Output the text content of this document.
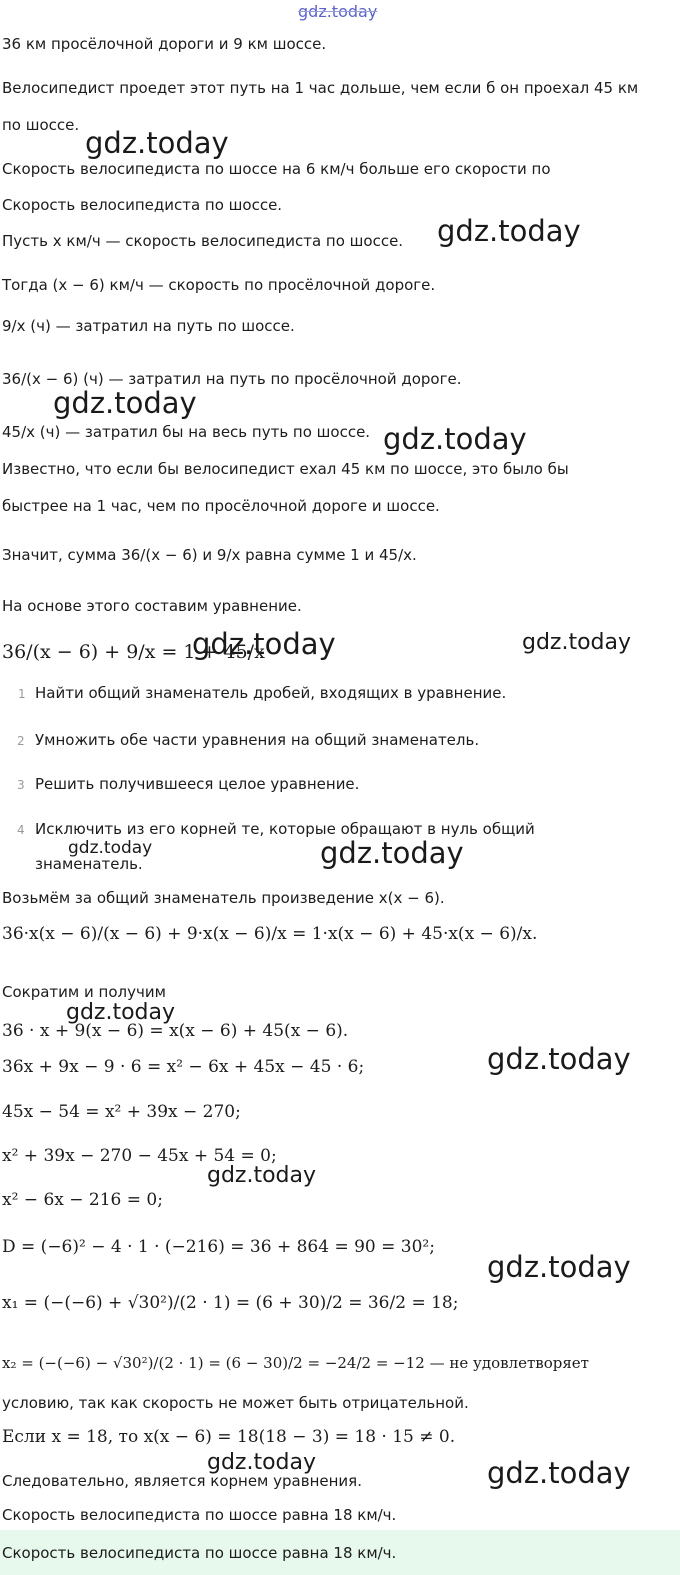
gdz.today
gdz.today
gdz.today
gdz.today
gdz.today
gdz.today	gdz.today
gdz.today	gdz.today
gdz.today
gdz.today
gdz.today
gdz.today
gdz.today	gdz.today
36 км просёлочной дороги и 9 км шоссе.
Велосипедист проедет этот путь на 1 час дольше, чем если б он проехал 45 км
по шоссе.
Скорость велосипедиста по шоссе на 6 км/ч больше его скорости по
Скорость велосипедиста по шоссе.
Пусть x км/ч — скорость велосипедиста по шоссе.
Тогда (x − 6) км/ч — скорость по просёлочной дороге.
9/x (ч) — затратил на путь по шоссе.
36/(x − 6) (ч) — затратил на путь по просёлочной дороге.
45/x (ч) — затратил бы на весь путь по шоссе.
Известно, что если бы велосипедист ехал 45 км по шоссе, это было бы
быстрее на 1 час, чем по просёлочной дороге и шоссе.
Значит, сумма 36/(x − 6) и 9/x равна сумме 1 и 45/x.
На основе этого составим уравнение.
36/(x − 6) + 9/x = 1 + 45/x
1 Найти общий знаменатель дробей, входящих в уравнение.
2 Умножить обе части уравнения на общий знаменатель.
3 Решить получившееся целое уравнение.
4 Исключить из его корней те, которые обращают в нуль общий
знаменатель.
Возьмём за общий знаменатель произведение x(x − 6).
36·x(x − 6)/(x − 6) + 9·x(x − 6)/x = 1·x(x − 6) + 45·x(x − 6)/x.
Сократим и получим
36 · x + 9(x − 6) = x(x − 6) + 45(x − 6).
36x + 9x − 9 · 6 = x² − 6x + 45x − 45 · 6;
45x − 54 = x² + 39x − 270;
x² + 39x − 270 − 45x + 54 = 0;
x² − 6x − 216 = 0;
D = (−6)² − 4 · 1 · (−216) = 36 + 864 = 90 = 30²;
x₁ = (−(−6) + √30²)/(2 · 1) = (6 + 30)/2 = 36/2 = 18;
x₂ = (−(−6) − √30²)/(2 · 1) = (6 − 30)/2 = −24/2 = −12 — не удовлетворяет
условию, так как скорость не может быть отрицательной.
Если x = 18, то x(x − 6) = 18(18 − 3) = 18 · 15 ≠ 0.
Следовательно, является корнем уравнения.
Скорость велосипедиста по шоссе равна 18 км/ч.
Скорость велосипедиста по шоссе равна 18 км/ч.
